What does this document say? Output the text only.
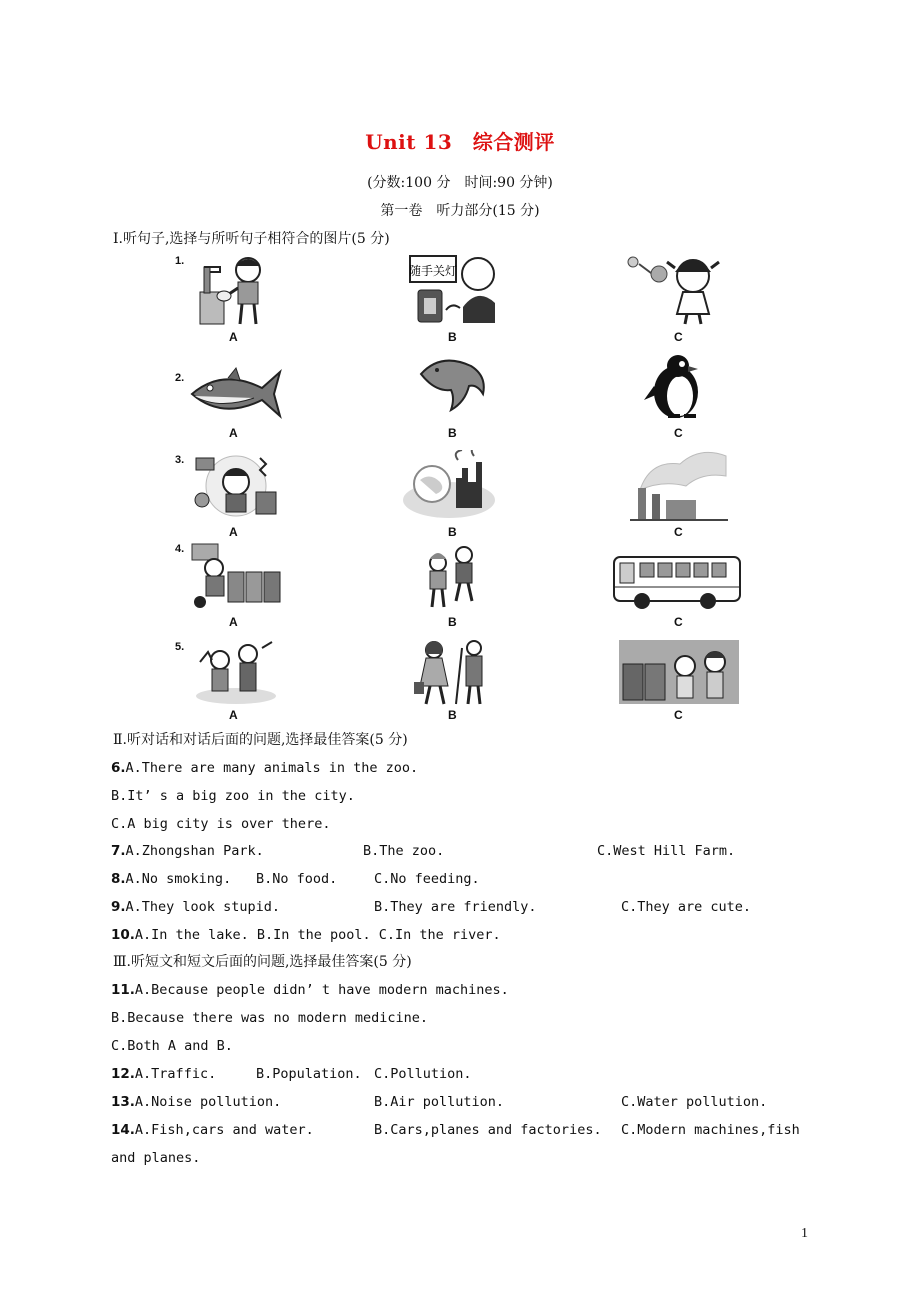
Unit 13　综合测评
(分数:100 分　时间:90 分钟)
第一卷　听力部分(15 分)
Ⅰ.听句子,选择与所听句子相符合的图片(5 分)
1.
随手关灯
A	B	C
2.
A	B	C
3.
A	B	C
4.
A	B	C
5.
A	B	C
Ⅱ.听对话和对话后面的问题,选择最佳答案(5 分)
6.A.There are many animals in the zoo.
B.It’ s a big zoo in the city.
C.A big city is over there.
7.A.Zhongshan Park.	B.The zoo.	C.West Hill Farm.
8.A.No smoking. B.No food.	C.No feeding.
9.A.They look stupid.	B.They are friendly.	C.They are cute.
10.A.In the lake. B.In the pool. C.In the river.
Ⅲ.听短文和短文后面的问题,选择最佳答案(5 分)
11.A.Because people didn’ t have modern machines.
B.Because there was no modern medicine.
C.Both A and B.
12.A.Traffic.	B.Population. C.Pollution.
13.A.Noise pollution.	B.Air pollution.	C.Water pollution.
14.A.Fish,cars and water.	B.Cars,planes and factories. C.Modern machines,fish
and planes.
1
